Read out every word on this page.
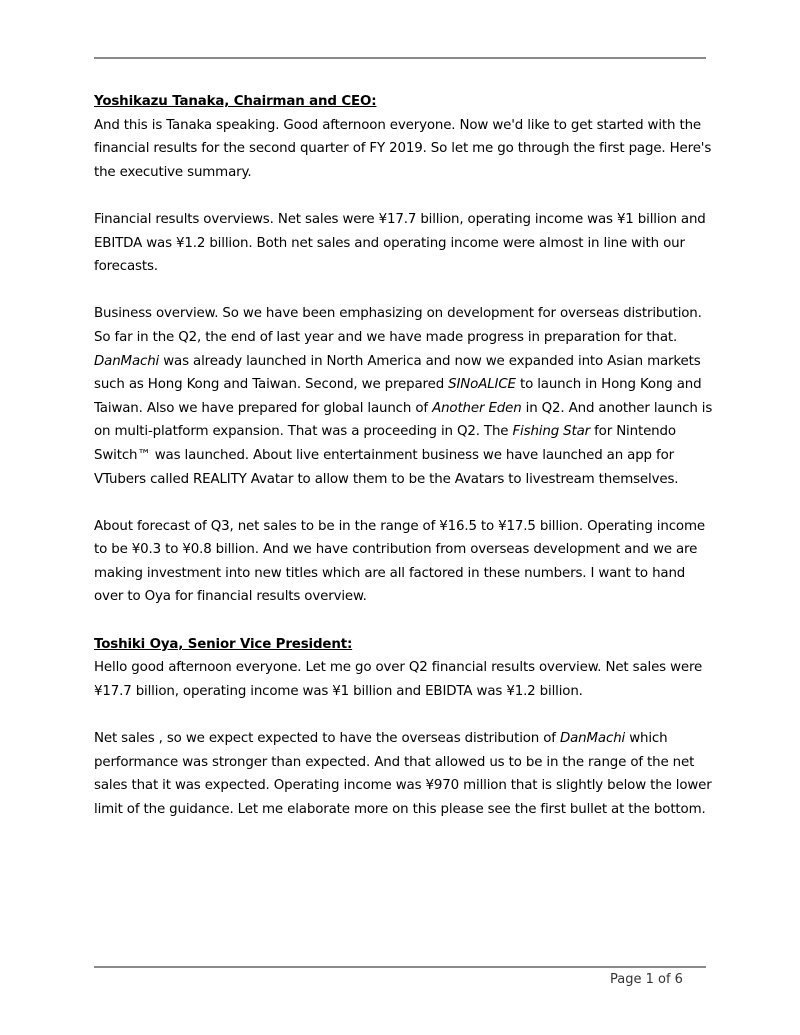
Yoshikazu Tanaka, Chairman and CEO:

And this is Tanaka speaking. Good afternoon everyone. Now we'd like to get started with the financial results for the second quarter of FY 2019. So let me go through the first page. Here's the executive summary.

Financial results overviews. Net sales were ¥17.7 billion, operating income was ¥1 billion and EBITDA was ¥1.2 billion. Both net sales and operating income were almost in line with our forecasts.

Business overview. So we have been emphasizing on development for overseas distribution. So far in the Q2, the end of last year and we have made progress in preparation for that. DanMachi was already launched in North America and now we expanded into Asian markets such as Hong Kong and Taiwan. Second, we prepared SINoALICE to launch in Hong Kong and Taiwan. Also we have prepared for global launch of Another Eden in Q2. And another launch is on multi-platform expansion. That was a proceeding in Q2. The Fishing Star for Nintendo Switch™ was launched. About live entertainment business we have launched an app for VTubers called REALITY Avatar to allow them to be the Avatars to livestream themselves.

About forecast of Q3, net sales to be in the range of ¥16.5 to ¥17.5 billion. Operating income to be ¥0.3 to ¥0.8 billion. And we have contribution from overseas development and we are making investment into new titles which are all factored in these numbers. I want to hand over to Oya for financial results overview.

Toshiki Oya, Senior Vice President:

Hello good afternoon everyone. Let me go over Q2 financial results overview. Net sales were ¥17.7 billion, operating income was ¥1 billion and EBIDTA was ¥1.2 billion.

Net sales , so we expect expected to have the overseas distribution of DanMachi which performance was stronger than expected. And that allowed us to be in the range of the net sales that it was expected. Operating income was ¥970 million that is slightly below the lower limit of the guidance. Let me elaborate more on this please see the first bullet at the bottom.

Page 1 of 6
